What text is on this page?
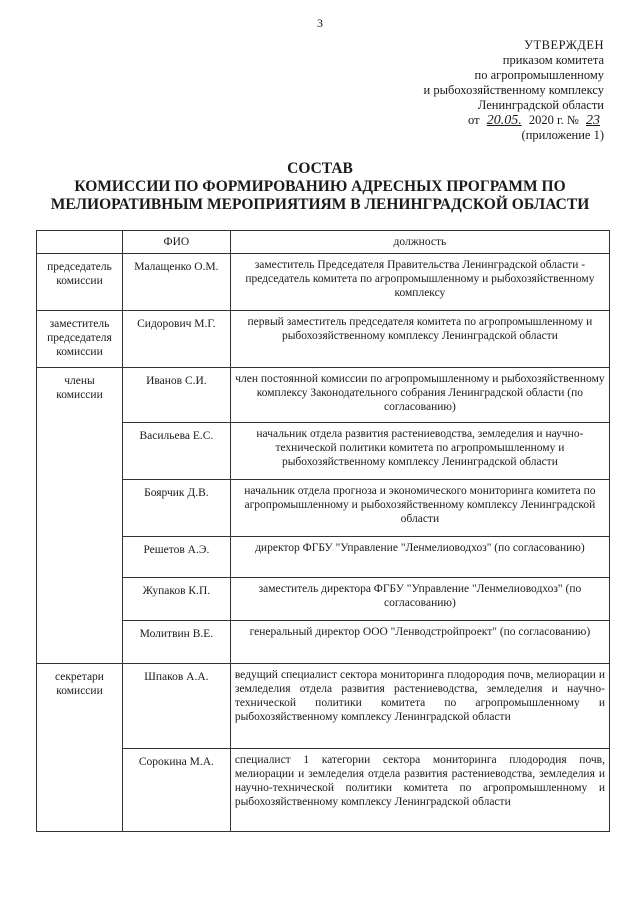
3
УТВЕРЖДЕН
приказом комитета
по агропромышленному
и рыбохозяйственному комплексу
Ленинградской области
от 20.05. 2020 г. № 23
(приложение 1)
СОСТАВ
КОМИССИИ ПО ФОРМИРОВАНИЮ АДРЕСНЫХ ПРОГРАММ ПО
МЕЛИОРАТИВНЫМ МЕРОПРИЯТИЯМ В ЛЕНИНГРАДСКОЙ ОБЛАСТИ
	ФИО	должность
председатель комиссии	Малащенко О.М.	заместитель Председателя Правительства Ленинградской области - председатель комитета по агропромышленному и рыбохозяйственному комплексу
заместитель председателя комиссии	Сидорович М.Г.	первый заместитель председателя комитета по агропромышленному и рыбохозяйственному комплексу Ленинградской области
члены комиссии	Иванов С.И.	член постоянной комиссии по агропромышленному и рыбохозяйственному комплексу Законодательного собрания Ленинградской области (по согласованию)
	Васильева Е.С.	начальник отдела развития растениеводства, земледелия и научно-технической политики комитета по агропромышленному и рыбохозяйственному комплексу Ленинградской области
	Боярчик Д.В.	начальник отдела прогноза и экономического мониторинга комитета по агропромышленному и рыбохозяйственному комплексу Ленинградской области
	Решетов А.Э.	директор ФГБУ "Управление "Ленмелиоводхоз" (по согласованию)
	Жупаков К.П.	заместитель директора ФГБУ "Управление "Ленмелиоводхоз" (по согласованию)
	Молитвин В.Е.	генеральный директор ООО "Ленводстройпроект" (по согласованию)
секретари комиссии	Шпаков А.А.	ведущий специалист сектора мониторинга плодородия почв, мелиорации и земледелия отдела развития растениеводства, земледелия и научно-технической политики комитета по агропромышленному и рыбохозяйственному комплексу Ленинградской области
	Сорокина М.А.	специалист 1 категории сектора мониторинга плодородия почв, мелиорации и земледелия отдела развития растениеводства, земледелия и научно-технической политики комитета по агропромышленному и рыбохозяйственному комплексу Ленинградской области
